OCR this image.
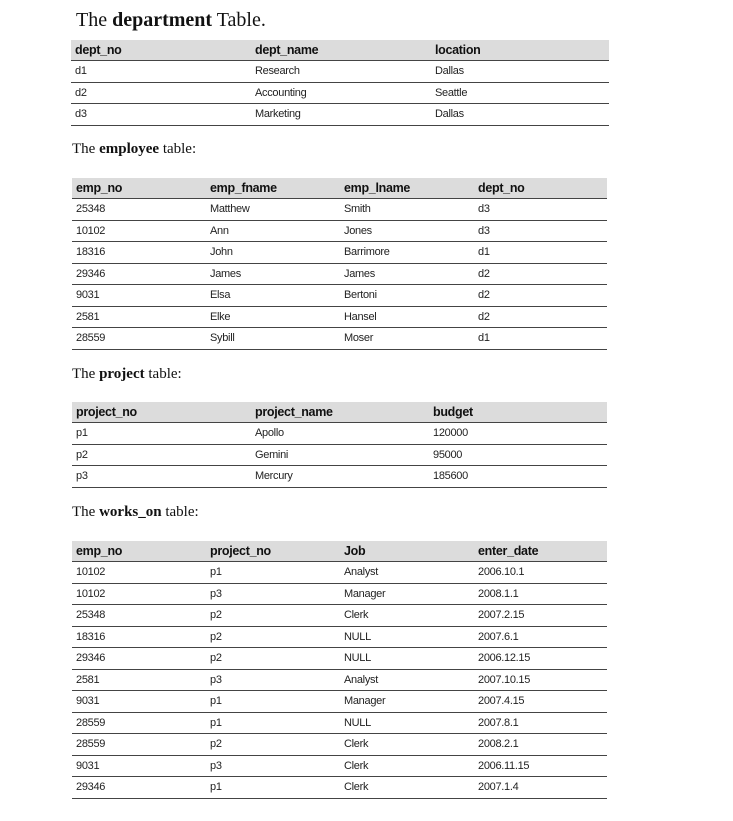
The department Table.
dept_no	dept_name	location
d1	Research	Dallas
d2	Accounting	Seattle
d3	Marketing	Dallas
The employee table:
emp_no	emp_fname	emp_lname	dept_no
25348	Matthew	Smith	d3
10102	Ann	Jones	d3
18316	John	Barrimore	d1
29346	James	James	d2
9031	Elsa	Bertoni	d2
2581	Elke	Hansel	d2
28559	Sybill	Moser	d1
The project table:
project_no	project_name	budget
p1	Apollo	120000
p2	Gemini	95000
p3	Mercury	185600
The works_on table:
emp_no	project_no	Job	enter_date
10102	p1	Analyst	2006.10.1
10102	p3	Manager	2008.1.1
25348	p2	Clerk	2007.2.15
18316	p2	NULL	2007.6.1
29346	p2	NULL	2006.12.15
2581	p3	Analyst	2007.10.15
9031	p1	Manager	2007.4.15
28559	p1	NULL	2007.8.1
28559	p2	Clerk	2008.2.1
9031	p3	Clerk	2006.11.15
29346	p1	Clerk	2007.1.4
